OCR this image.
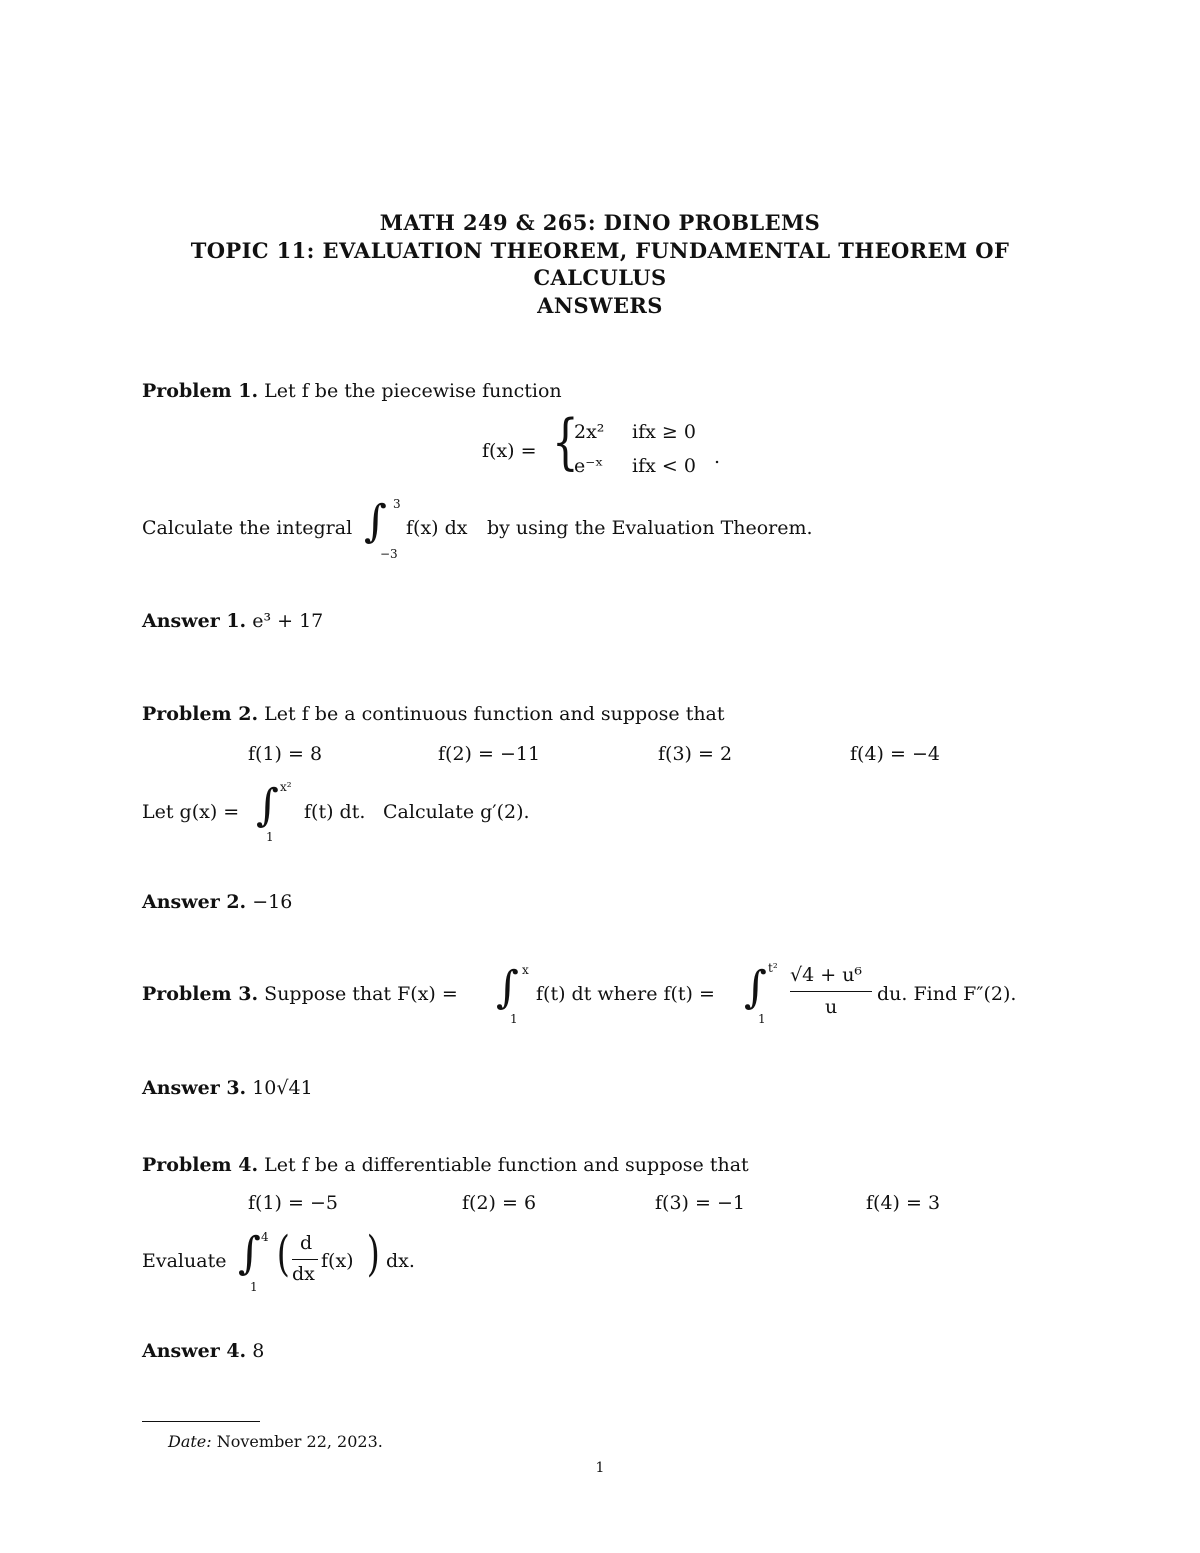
MATH 249 & 265: DINO PROBLEMS
TOPIC 11: EVALUATION THEOREM, FUNDAMENTAL THEOREM OF
CALCULUS
ANSWERS
Problem 1. Let f be the piecewise function
f(x) = {
2x² ifx ≥ 0
e⁻ˣ ifx < 0 .
Calculate the integral ∫ 3
−3
f(x) dx by using the Evaluation Theorem.
Answer 1. e³ + 17
Problem 2. Let f be a continuous function and suppose that
f(1) = 8	f(2) = −11	f(3) = 2	f(4) = −4
Let g(x) = ∫ x²
1
f(t) dt. Calculate g′(2).
Answer 2. −16
Problem 3. Suppose that F(x) = ∫ x
1
f(t) dt where f(t) = ∫ t²
1
√4 + u⁶
u
du. Find F″(2).
Answer 3. 10√41
Problem 4. Let f be a differentiable function and suppose that
f(1) = −5	f(2) = 6	f(3) = −1	f(4) = 3
Evaluate ∫ 4
1
( d
dx
f(x) ) dx.
Answer 4. 8
Date: November 22, 2023.
1
